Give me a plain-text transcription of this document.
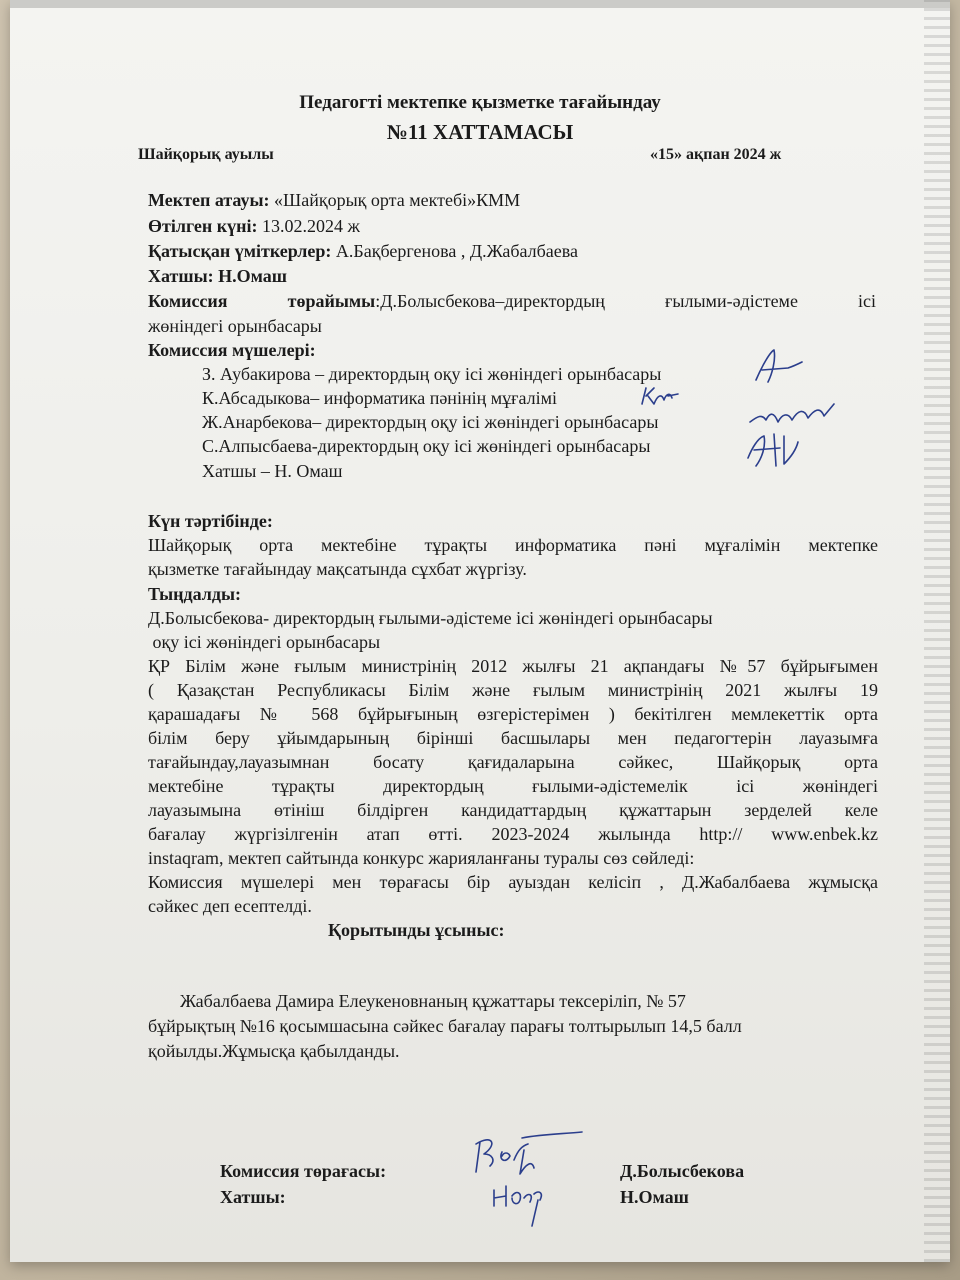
Педагогті мектепке қызметке тағайындау
№11 ХАТТАМАСЫ
Шайқорық ауылы	«15» ақпан 2024 ж
Мектеп атауы: «Шайқорық орта мектебі»КММ
Өтілген күні: 13.02.2024 ж
Қатысқан үміткерлер: А.Бақбергенова , Д.Жабалбаева
Хатшы: Н.Омаш
Комиссия төрайымы:Д.Болысбекова–директордың ғылыми-әдістеме ісі
жөніндегі орынбасары
Комиссия мүшелері:
З. Аубакирова – директордың оқу ісі жөніндегі орынбасары
К.Абсадыкова– информатика пәнінің мұғалімі
Ж.Анарбекова– директордың оқу ісі жөніндегі орынбасары
С.Алпысбаева-директордың оқу ісі жөніндегі орынбасары
Хатшы – Н. Омаш
Күн тәртібінде:
Шайқорық орта мектебіне тұрақты информатика пәні мұғалімін мектепке
қызметке тағайындау мақсатында сұхбат жүргізу.
Тыңдалды:
Д.Болысбекова- директордың ғылыми-әдістеме ісі жөніндегі орынбасары
оқу ісі жөніндегі орынбасары
ҚР Білім және ғылым министрінің 2012 жылғы 21 ақпандағы №57 бұйрығымен
( Қазақстан Республикасы Білім және ғылым министрінің 2021 жылғы 19
қарашадағы № 568 бұйрығының өзгерістерімен ) бекітілген мемлекеттік орта
білім беру ұйымдарының бірінші басшылары мен педагогтерін лауазымға
тағайындау,лауазымнан босату қағидаларына сәйкес, Шайқорық орта
мектебіне тұрақты директордың ғылыми-әдістемелік ісі жөніндегі
лауазымына өтініш білдірген кандидаттардың құжаттарын зерделей келе
бағалау жүргізілгенін атап өтті. 2023-2024 жылында http:// www.enbek.kz
instaqram, мектеп сайтында конкурс жарияланғаны туралы сөз сөйледі:
Комиссия мүшелері мен төрағасы бір ауыздан келісіп , Д.Жабалбаева жұмысқа
сәйкес деп есептелді.
Қорытынды ұсыныс:
Жабалбаева Дамира Елеукеновнаның құжаттары тексеріліп, № 57
бұйрықтың №16 қосымшасына сәйкес бағалау парағы толтырылып 14,5 балл
қойылды.Жұмысқа қабылданды.
Комиссия төрағасы:
Хатшы:
Д.Болысбекова
Н.Омаш
